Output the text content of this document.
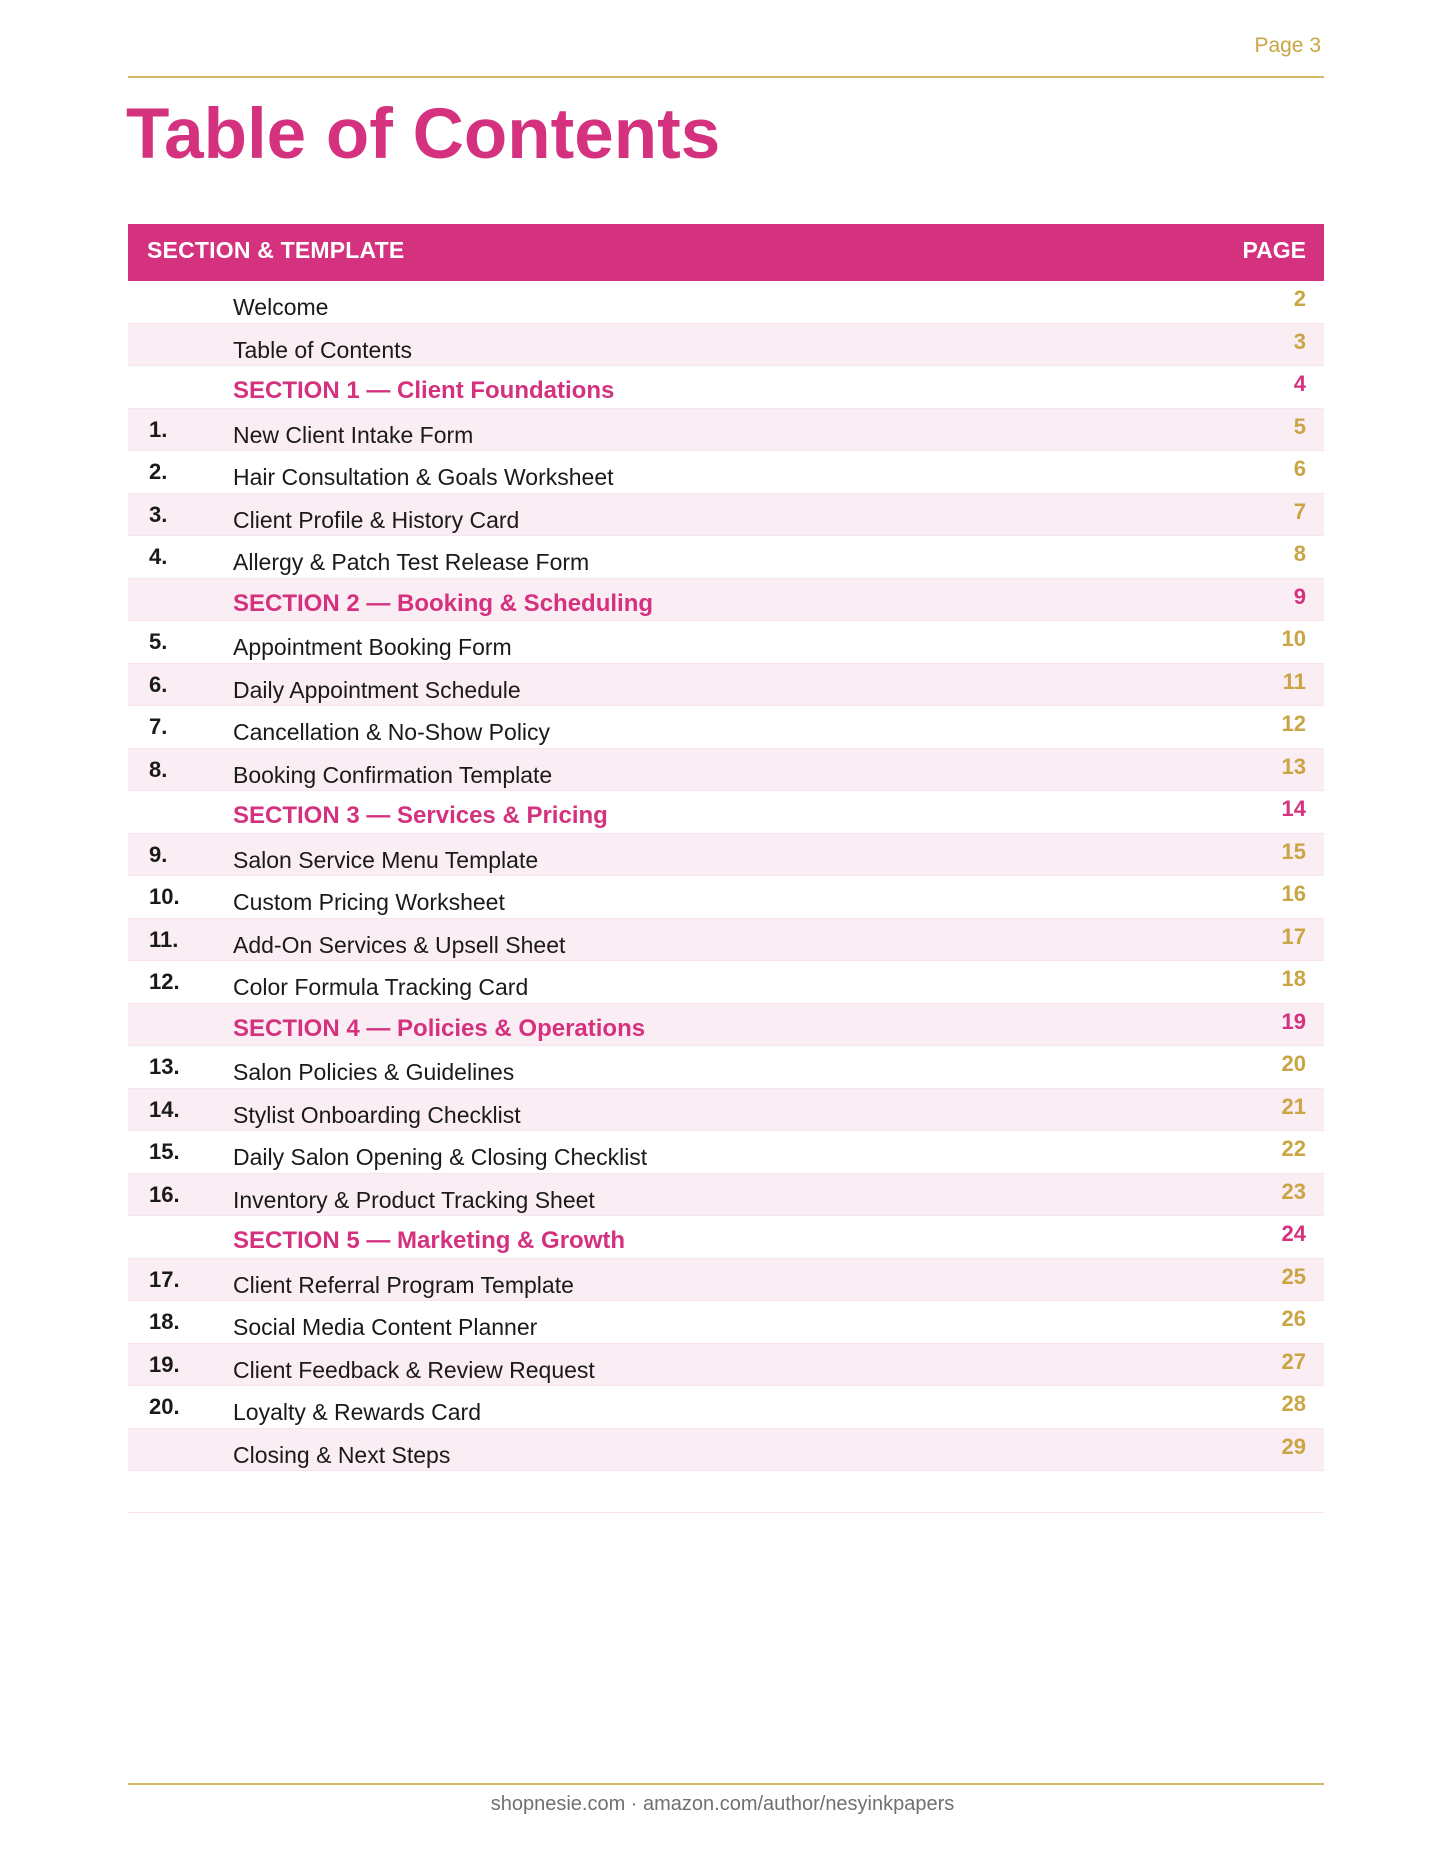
Page 3
Table of Contents
SECTION & TEMPLATE	PAGE
Welcome	2
Table of Contents	3
SECTION 1 — Client Foundations	4
1.	New Client Intake Form	5
2.	Hair Consultation & Goals Worksheet	6
3.	Client Profile & History Card	7
4.	Allergy & Patch Test Release Form	8
SECTION 2 — Booking & Scheduling	9
5.	Appointment Booking Form	10
6.	Daily Appointment Schedule	11
7.	Cancellation & No-Show Policy	12
8.	Booking Confirmation Template	13
SECTION 3 — Services & Pricing	14
9.	Salon Service Menu Template	15
10. Custom Pricing Worksheet	16
11. Add-On Services & Upsell Sheet	17
12. Color Formula Tracking Card	18
SECTION 4 — Policies & Operations	19
13. Salon Policies & Guidelines	20
14. Stylist Onboarding Checklist	21
15. Daily Salon Opening & Closing Checklist	22
16. Inventory & Product Tracking Sheet	23
SECTION 5 — Marketing & Growth	24
17. Client Referral Program Template	25
18. Social Media Content Planner	26
19. Client Feedback & Review Request	27
20. Loyalty & Rewards Card	28
Closing & Next Steps	29
shopnesie.com · amazon.com/author/nesyinkpapers
